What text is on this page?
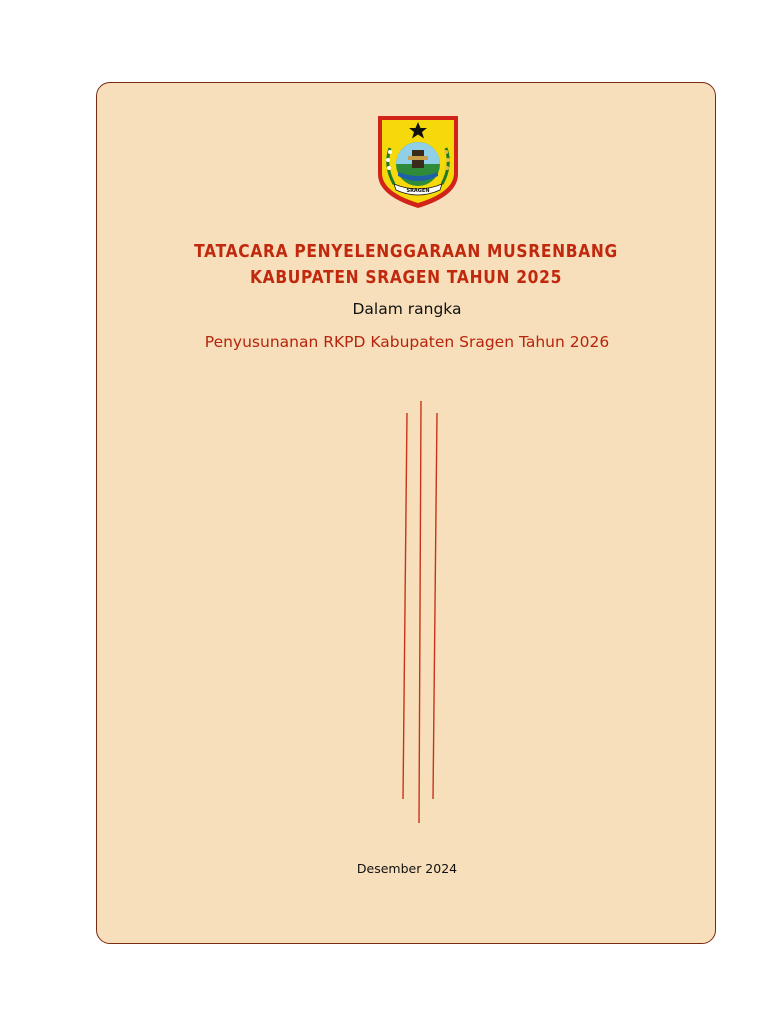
SRAGEN
TATACARA PENYELENGGARAAN MUSRENBANG KABUPATEN SRAGEN TAHUN 2025

Dalam rangka

Penyusunanan RKPD Kabupaten Sragen Tahun 2026

Desember 2024
